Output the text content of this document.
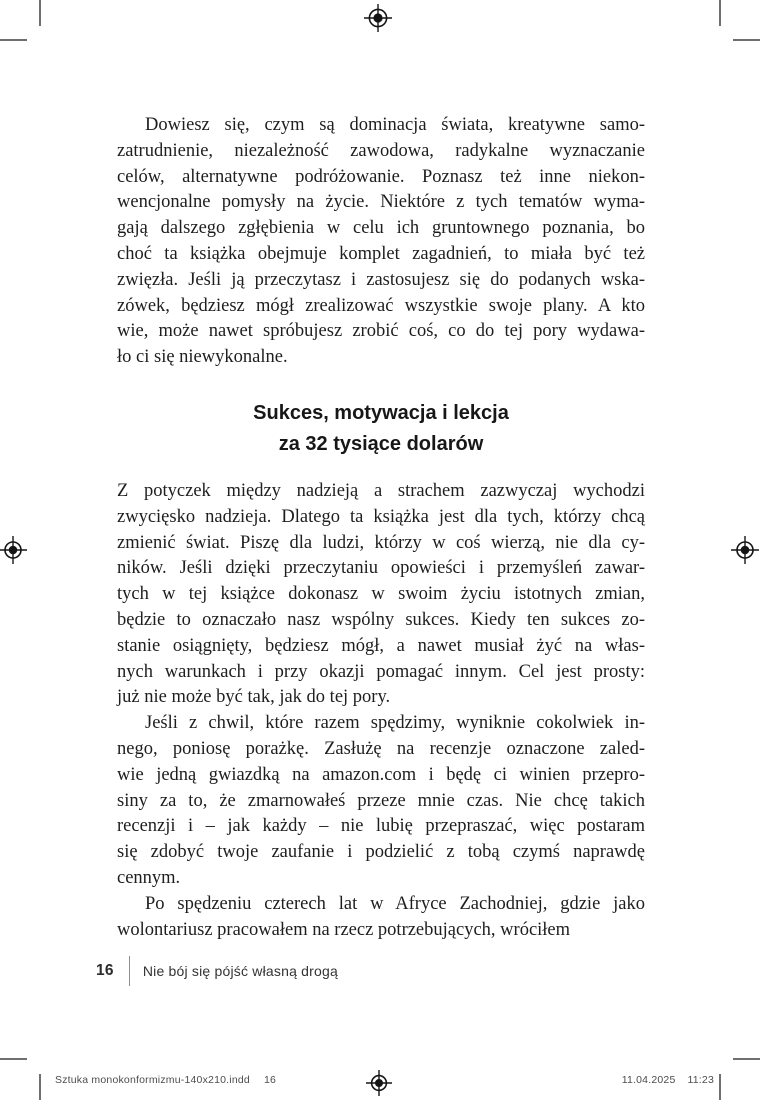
Dowiesz się, czym są dominacja świata, kreatywne samo-
zatrudnienie, niezależność zawodowa, radykalne wyznaczanie
celów, alternatywne podróżowanie. Poznasz też inne niekon-
wencjonalne pomysły na życie. Niektóre z tych tematów wyma-
gają dalszego zgłębienia w celu ich gruntownego poznania, bo
choć ta książka obejmuje komplet zagadnień, to miała być też
zwięzła. Jeśli ją przeczytasz i zastosujesz się do podanych wska-
zówek, będziesz mógł zrealizować wszystkie swoje plany. A kto
wie, może nawet spróbujesz zrobić coś, co do tej pory wydawa-
ło ci się niewykonalne.
Sukces, motywacja i lekcja
za 32 tysiące dolarów
Z potyczek między nadzieją a strachem zazwyczaj wychodzi
zwycięsko nadzieja. Dlatego ta książka jest dla tych, którzy chcą
zmienić świat. Piszę dla ludzi, którzy w coś wierzą, nie dla cy-
ników. Jeśli dzięki przeczytaniu opowieści i przemyśleń zawar-
tych w tej książce dokonasz w swoim życiu istotnych zmian,
będzie to oznaczało nasz wspólny sukces. Kiedy ten sukces zo-
stanie osiągnięty, będziesz mógł, a nawet musiał żyć na włas-
nych warunkach i przy okazji pomagać innym. Cel jest prosty:
już nie może być tak, jak do tej pory.
Jeśli z chwil, które razem spędzimy, wyniknie cokolwiek in-
nego, poniosę porażkę. Zasłużę na recenzje oznaczone zaled-
wie jedną gwiazdką na amazon.com i będę ci winien przepro-
siny za to, że zmarnowałeś przeze mnie czas. Nie chcę takich
recenzji i – jak każdy – nie lubię przepraszać, więc postaram
się zdobyć twoje zaufanie i podzielić z tobą czymś naprawdę
cennym.
Po spędzeniu czterech lat w Afryce Zachodniej, gdzie jako
wolontariusz pracowałem na rzecz potrzebujących, wróciłem
16 Nie bój się pójść własną drogą
Sztuka monokonformizmu-140x210.indd 16	11.04.2025 11:23
